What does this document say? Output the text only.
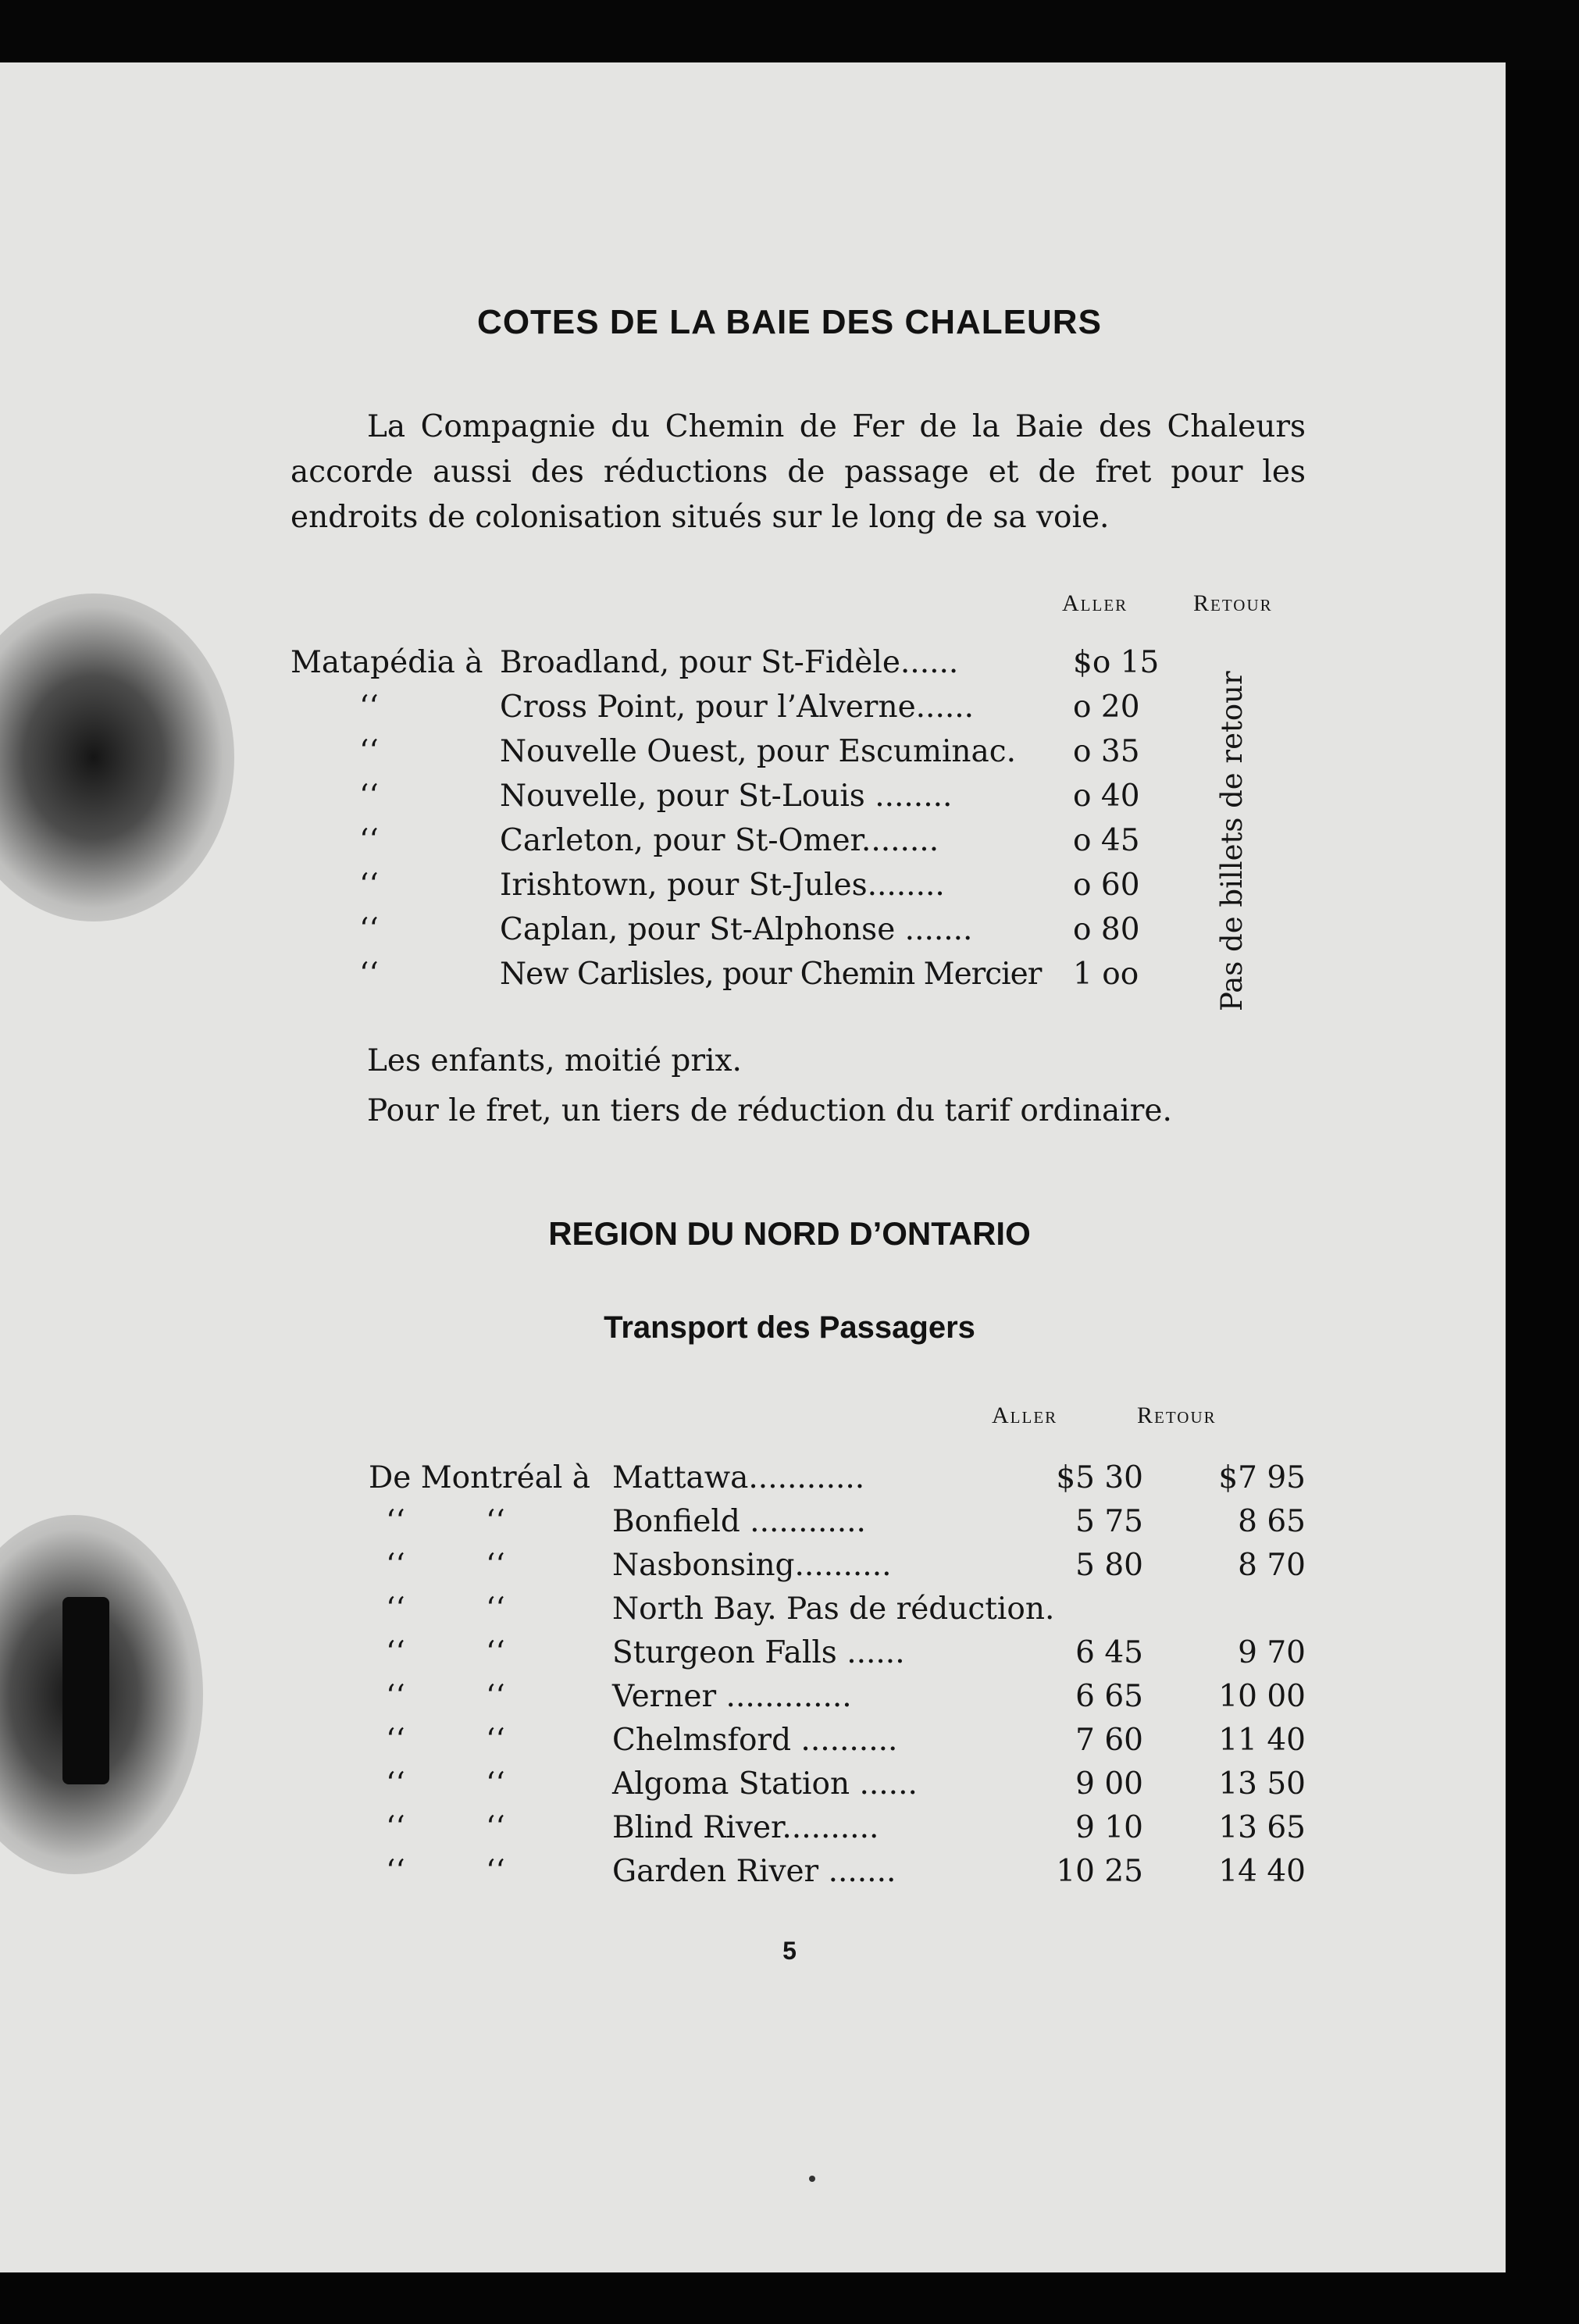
COTES DE LA BAIE DES CHALEURS

La Compagnie du Chemin de Fer de la Baie des Chaleurs accorde aussi des réductions de passage et de fret pour les endroits de colonisation situés sur le long de sa voie.

Aller	Retour
Matapédia à Broadland, pour St-Fidèle......	$o 15
‘‘	Cross Point, pour l’Alverne......	o 20
‘‘	Nouvelle Ouest, pour Escuminac. o 35
‘‘	Nouvelle, pour St-Louis ........	o 40
‘‘	Carleton, pour St-Omer........	o 45
‘‘	Irishtown, pour St-Jules........	o 60
‘‘	Caplan, pour St-Alphonse .......	o 80
‘‘	New Carlisles, pour Chemin Mercier 1 oo	Pas de billets de retour
Les enfants, moitié prix.
Pour le fret, un tiers de réduction du tarif ordinaire.
REGION DU NORD D’ONTARIO
Transport des Passagers
Aller	Retour
De Montréal à Mattawa............	$5 30	$7 95
‘‘	‘‘	Bonfield ............	5 75	8 65
‘‘	‘‘	Nasbonsing..........	5 80	8 70
‘‘	‘‘	North Bay. Pas de réduction.
‘‘	‘‘	Sturgeon Falls ......	6 45	9 70
‘‘	‘‘	Verner .............	6 65	10 00
‘‘	‘‘	Chelmsford ..........	7 60	11 40
‘‘	‘‘	Algoma Station ......	9 00	13 50
‘‘	‘‘	Blind River..........	9 10	13 65
‘‘	‘‘	Garden River .......	10 25	14 40
5
